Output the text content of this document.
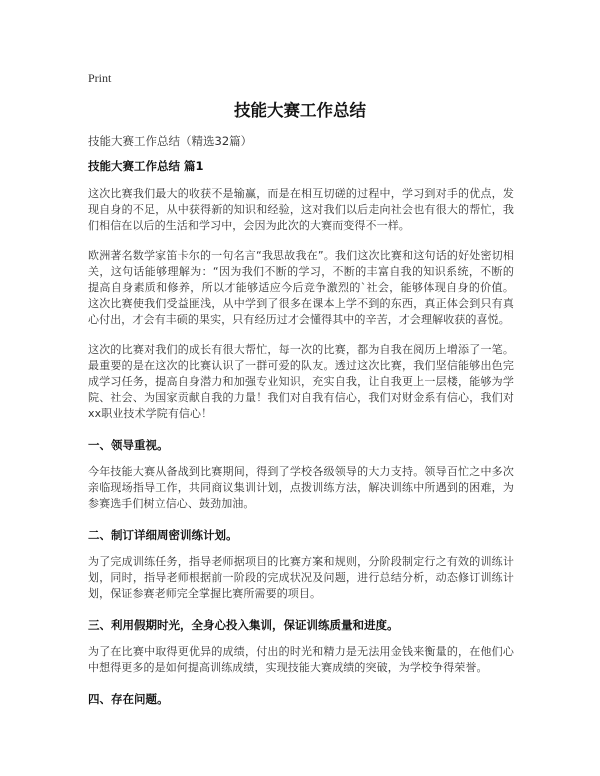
Print
技能大赛工作总结
技能大赛工作总结（精选32篇）
技能大赛工作总结 篇1

这次比赛我们最大的收获不是输赢，而是在相互切磋的过程中，学习到对手的优点，发现自身的不足，从中获得新的知识和经验，这对我们以后走向社会也有很大的帮忙，我们相信在以后的生活和学习中，会因为此次的大赛而变得不一样。

欧洲著名数学家笛卡尔的一句名言“我思故我在”。我们这次比赛和这句话的好处密切相关，这句话能够理解为：“因为我们不断的学习，不断的丰富自我的知识系统，不断的提高自身素质和修养，所以才能够适应今后竞争激烈的`社会，能够体现自身的价值。这次比赛使我们受益匪浅，从中学到了很多在课本上学不到的东西，真正体会到只有真心付出，才会有丰硕的果实，只有经历过才会懂得其中的辛苦，才会理解收获的喜悦。

这次的比赛对我们的成长有很大帮忙，每一次的比赛，都为自我在阅历上增添了一笔。最重要的是在这次的比赛认识了一群可爱的队友。透过这次比赛，我们坚信能够出色完成学习任务，提高自身潜力和加强专业知识，充实自我，让自我更上一层楼，能够为学院、社会、为国家贡献自我的力量！我们对自我有信心，我们对财金系有信心，我们对xx职业技术学院有信心！

一、领导重视。

今年技能大赛从备战到比赛期间，得到了学校各级领导的大力支持。领导百忙之中多次亲临现场指导工作，共同商议集训计划，点拨训练方法，解决训练中所遇到的困难，为参赛选手们树立信心、鼓劲加油。

二、制订详细周密训练计划。

为了完成训练任务，指导老师据项目的比赛方案和规则，分阶段制定行之有效的训练计划，同时，指导老师根据前一阶段的完成状况及问题，进行总结分析，动态修订训练计划，保证参赛老师完全掌握比赛所需要的项目。

三、利用假期时光，全身心投入集训，保证训练质量和进度。

为了在比赛中取得更优异的成绩，付出的时光和精力是无法用金钱来衡量的，在他们心中想得更多的是如何提高训练成绩，实现技能大赛成绩的突破，为学校争得荣誉。

四、存在问题。
